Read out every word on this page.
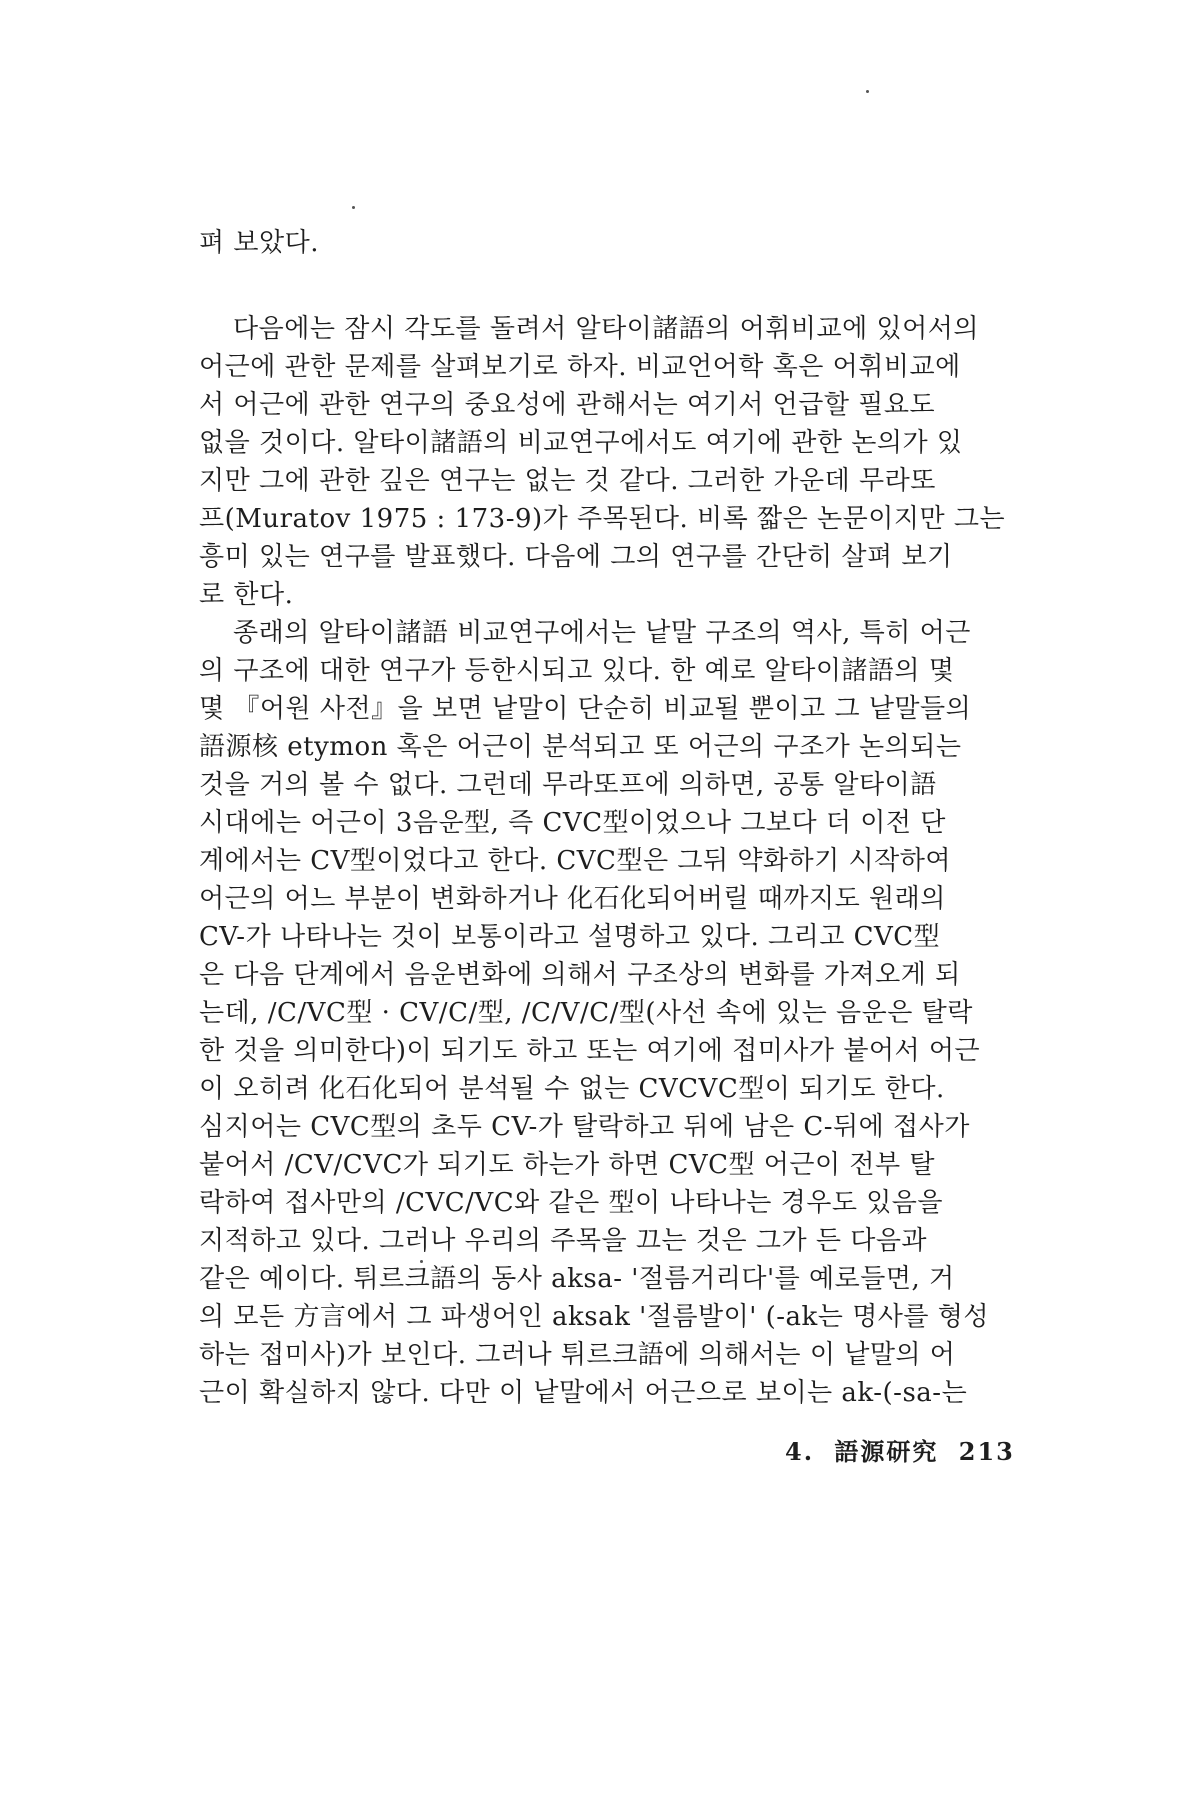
펴 보았다.
다음에는 잠시 각도를 돌려서 알타이諸語의 어휘비교에 있어서의
어근에 관한 문제를 살펴보기로 하자. 비교언어학 혹은 어휘비교에
서 어근에 관한 연구의 중요성에 관해서는 여기서 언급할 필요도
없을 것이다. 알타이諸語의 비교연구에서도 여기에 관한 논의가 있
지만 그에 관한 깊은 연구는 없는 것 같다. 그러한 가운데 무라또
프(Muratov 1975 : 173-9)가 주목된다. 비록 짧은 논문이지만 그는
흥미 있는 연구를 발표했다. 다음에 그의 연구를 간단히 살펴 보기
로 한다.
종래의 알타이諸語 비교연구에서는 낱말 구조의 역사, 특히 어근
의 구조에 대한 연구가 등한시되고 있다. 한 예로 알타이諸語의 몇
몇 『어원 사전』을 보면 낱말이 단순히 비교될 뿐이고 그 낱말들의
語源核 etymon 혹은 어근이 분석되고 또 어근의 구조가 논의되는
것을 거의 볼 수 없다. 그런데 무라또프에 의하면, 공통 알타이語
시대에는 어근이 3음운型, 즉 CVC型이었으나 그보다 더 이전 단
계에서는 CV型이었다고 한다. CVC型은 그뒤 약화하기 시작하여
어근의 어느 부분이 변화하거나 化石化되어버릴 때까지도 원래의
CV-가 나타나는 것이 보통이라고 설명하고 있다. 그리고 CVC型
은 다음 단계에서 음운변화에 의해서 구조상의 변화를 가져오게 되
는데, /C/VC型 · CV/C/型, /C/V/C/型(사선 속에 있는 음운은 탈락
한 것을 의미한다)이 되기도 하고 또는 여기에 접미사가 붙어서 어근
이 오히려 化石化되어 분석될 수 없는 CVCVC型이 되기도 한다.
심지어는 CVC型의 초두 CV-가 탈락하고 뒤에 남은 C-뒤에 접사가
붙어서 /CV/CVC가 되기도 하는가 하면 CVC型 어근이 전부 탈
락하여 접사만의 /CVC/VC와 같은 型이 나타나는 경우도 있음을
지적하고 있다. 그러나 우리의 주목을 끄는 것은 그가 든 다음과
같은 예이다. 튀르크語의 동사 aksa- '절름거리다'를 예로들면, 거
의 모든 方言에서 그 파생어인 aksak '절름발이' (-ak는 명사를 형성
하는 접미사)가 보인다. 그러나 튀르크語에 의해서는 이 낱말의 어
근이 확실하지 않다. 다만 이 낱말에서 어근으로 보이는 ak-(-sa-는
4. 語源研究 213
